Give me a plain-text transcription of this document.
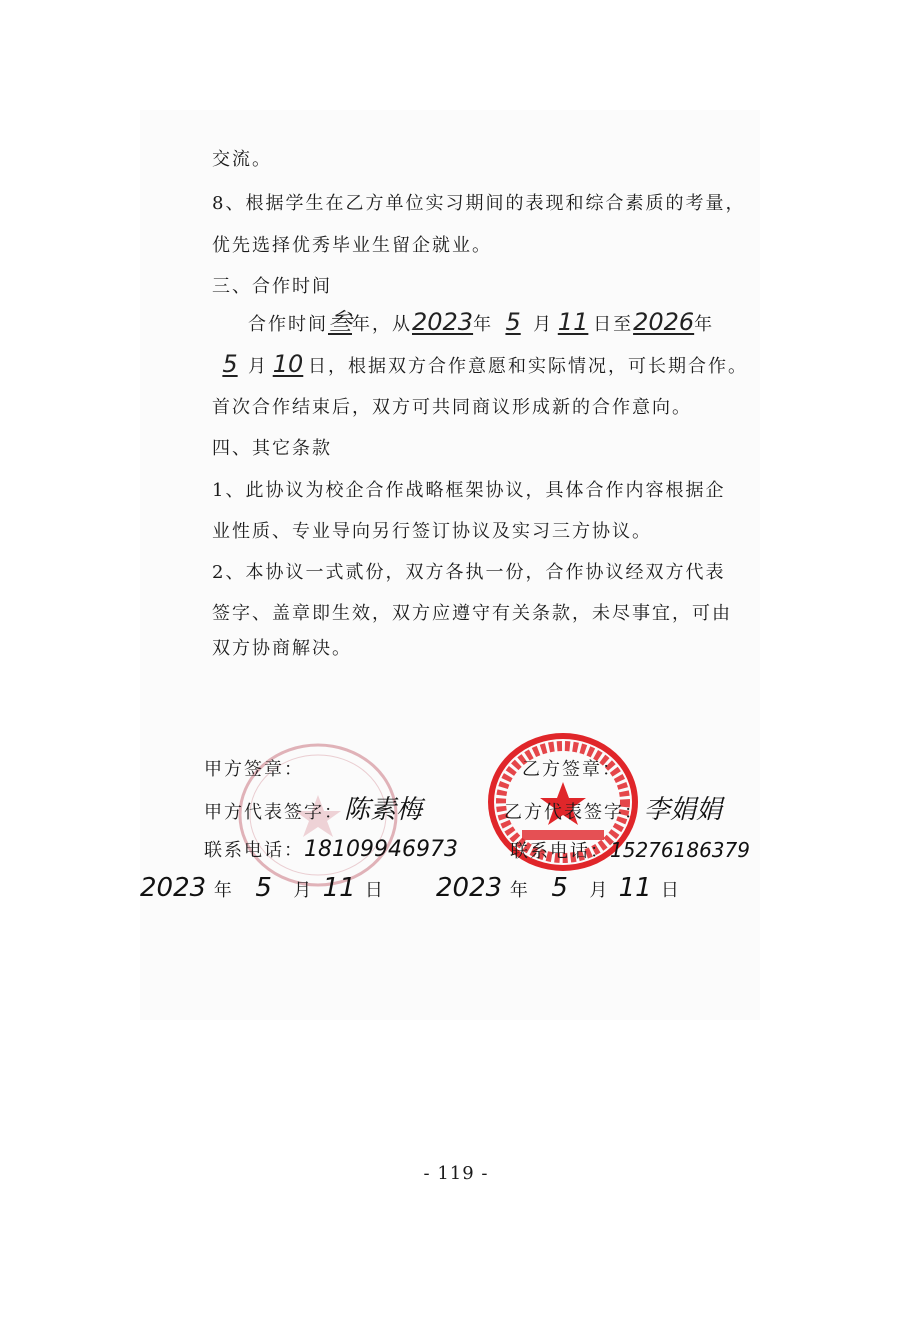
交流。
8、根据学生在乙方单位实习期间的表现和综合素质的考量，
优先选择优秀毕业生留企就业。
三、合作时间
合作时间叁年，从2023年 5 月 11 日至2026年
5 月 10 日，根据双方合作意愿和实际情况，可长期合作。
首次合作结束后，双方可共同商议形成新的合作意向。
四、其它条款
1、此协议为校企合作战略框架协议，具体合作内容根据企
业性质、专业导向另行签订协议及实习三方协议。
2、本协议一式贰份，双方各执一份，合作协议经双方代表
签字、盖章即生效，双方应遵守有关条款，未尽事宜，可由
双方协商解决。
甲方签章：
甲方代表签字：陈素梅
联系电话：18109946973
2023 年 5 月 11 日
乙方签章：
乙方代表签字：李娟娟
联系电话：15276186379
2023 年 5 月 11 日
- 119 -
